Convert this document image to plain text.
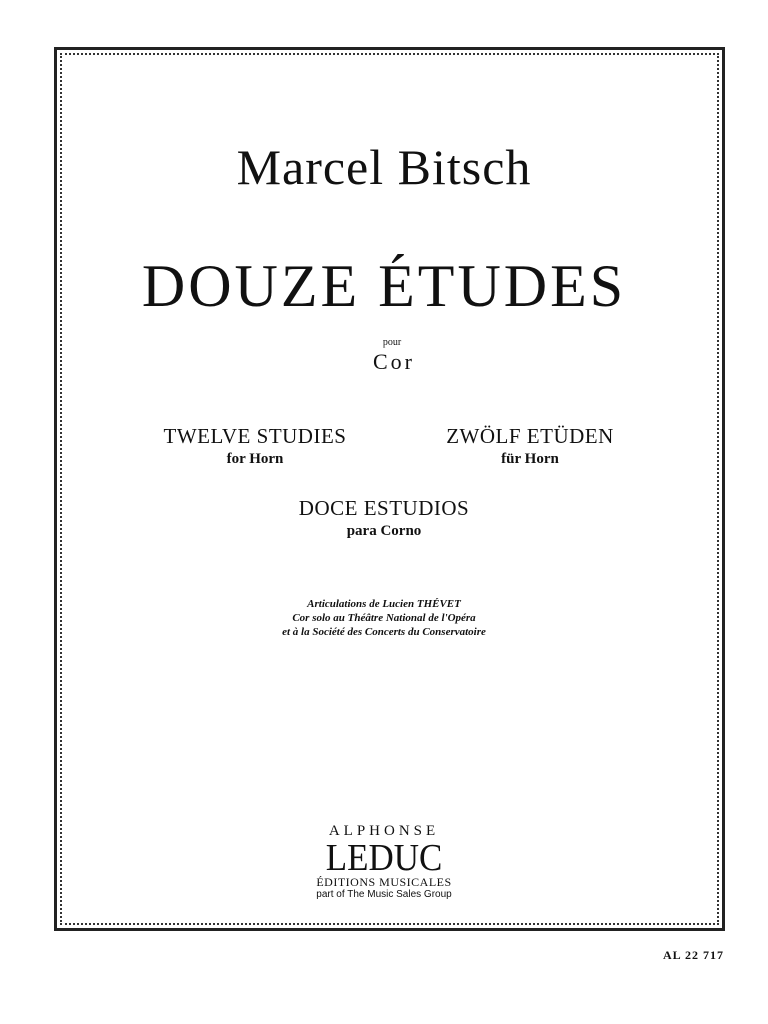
Marcel Bitsch
DOUZE ÉTUDES
pour
Cor
TWELVE STUDIES
for Horn
ZWÖLF ETÜDEN
für Horn
DOCE ESTUDIOS
para Corno
Articulations de Lucien THÉVET
Cor solo au Théâtre National de l'Opéra
et à la Société des Concerts du Conservatoire
ALPHONSE
LEDUC
ÉDITIONS MUSICALES
part of The Music Sales Group
AL 22 717
